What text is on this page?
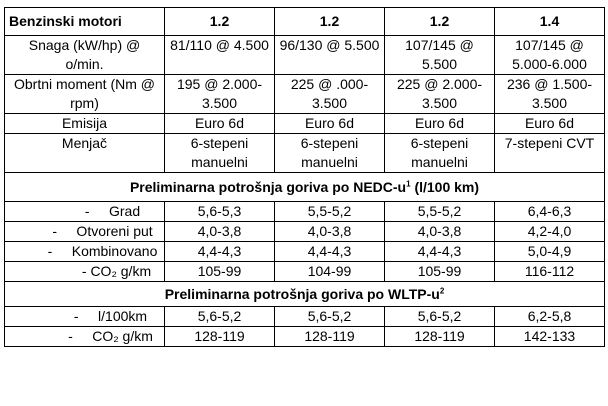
Benzinski motori	1.2	1.2	1.2	1.4
Snaga (kW/hp) @ o/min.	81/110 @ 4.500	96/130 @ 5.500	107/145 @ 5.500	107/145 @ 5.000-6.000
Obrtni moment (Nm @ rpm)	195 @ 2.000-3.500	225 @ .000-3.500	225 @ 2.000-3.500	236 @ 1.500-3.500
Emisija	Euro 6d	Euro 6d	Euro 6d	Euro 6d
Menjač	6-stepeni manuelni	6-stepeni manuelni	6-stepeni manuelni	7-stepeni CVT
Preliminarna potrošnja goriva po NEDC-$u^1$ (l/100 km)				
-     Grad	5,6-5,3	5,5-5,2	5,5-5,2	6,4-6,3
-     Otvoreni put	4,0-3,8	4,0-3,8	4,0-3,8	4,2-4,0
-     Kombinovano	4,4-4,3	4,4-4,3	4,4-4,3	5,0-4,9
- CO₂ g/km	105-99	104-99	105-99	116-112
Preliminarna potrošnja goriva po WLTP-$u^2$
-     l/100km	5,6-5,2	5,6-5,2	5,6-5,2	6,2-5,8
-     CO₂ g/km	128-119	128-119	128-119	142-133
